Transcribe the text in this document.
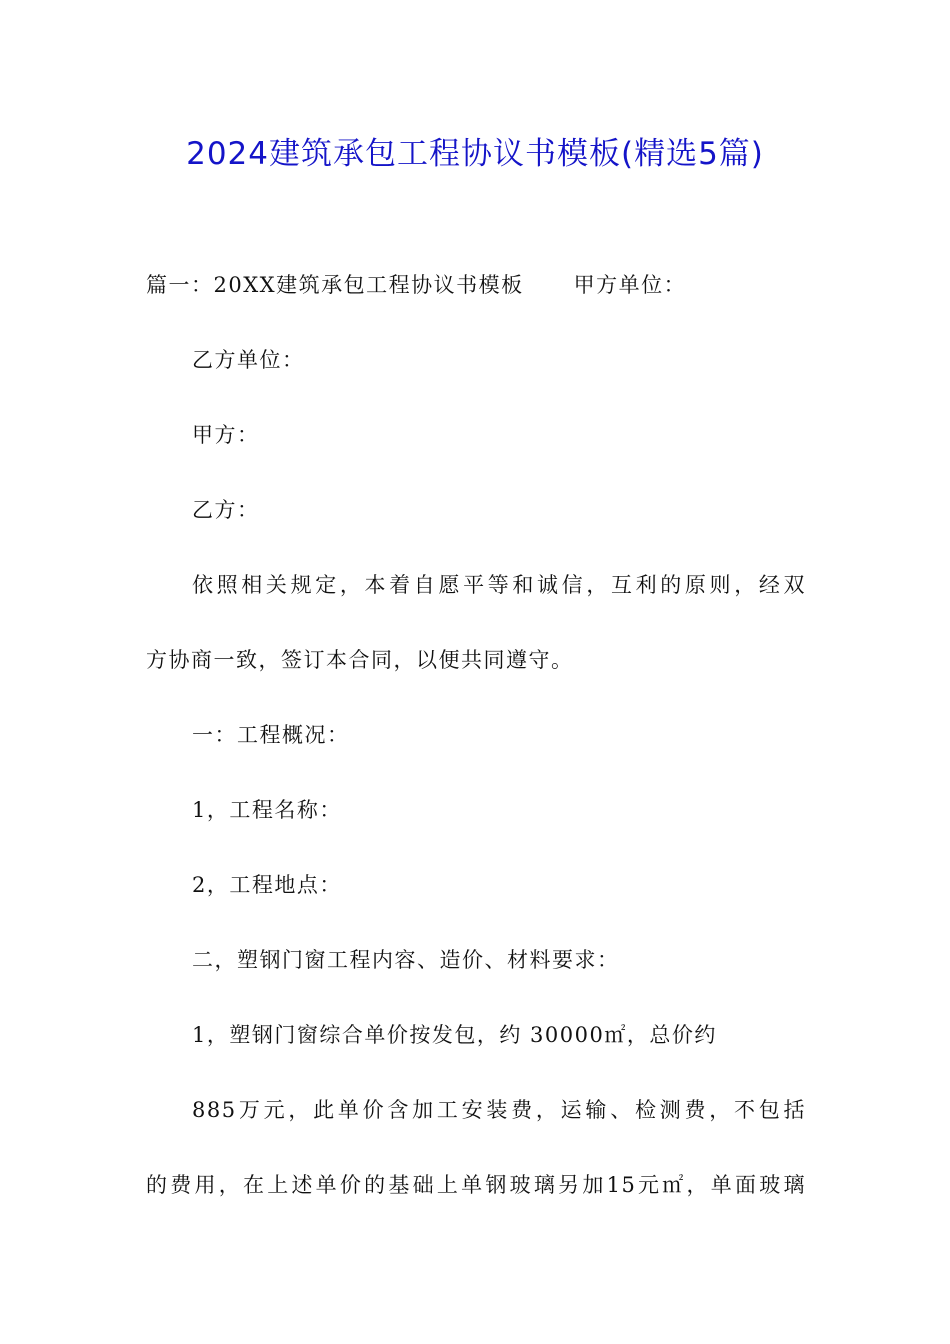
2024建筑承包工程协议书模板(精选5篇)
篇一：20XX建筑承包工程协议书模板 甲方单位：
乙方单位：
甲方：
乙方：
依照相关规定，本着自愿平等和诚信，互利的原则，经双
方协商一致，签订本合同，以便共同遵守。
一：工程概况：
1，工程名称：
2，工程地点：
二，塑钢门窗工程内容、造价、材料要求：
1，塑钢门窗综合单价按发包，约 30000㎡，总价约
885万元，此单价含加工安装费，运输、检测费，不包括
的费用，在上述单价的基础上单钢玻璃另加15元㎡，单面玻璃
